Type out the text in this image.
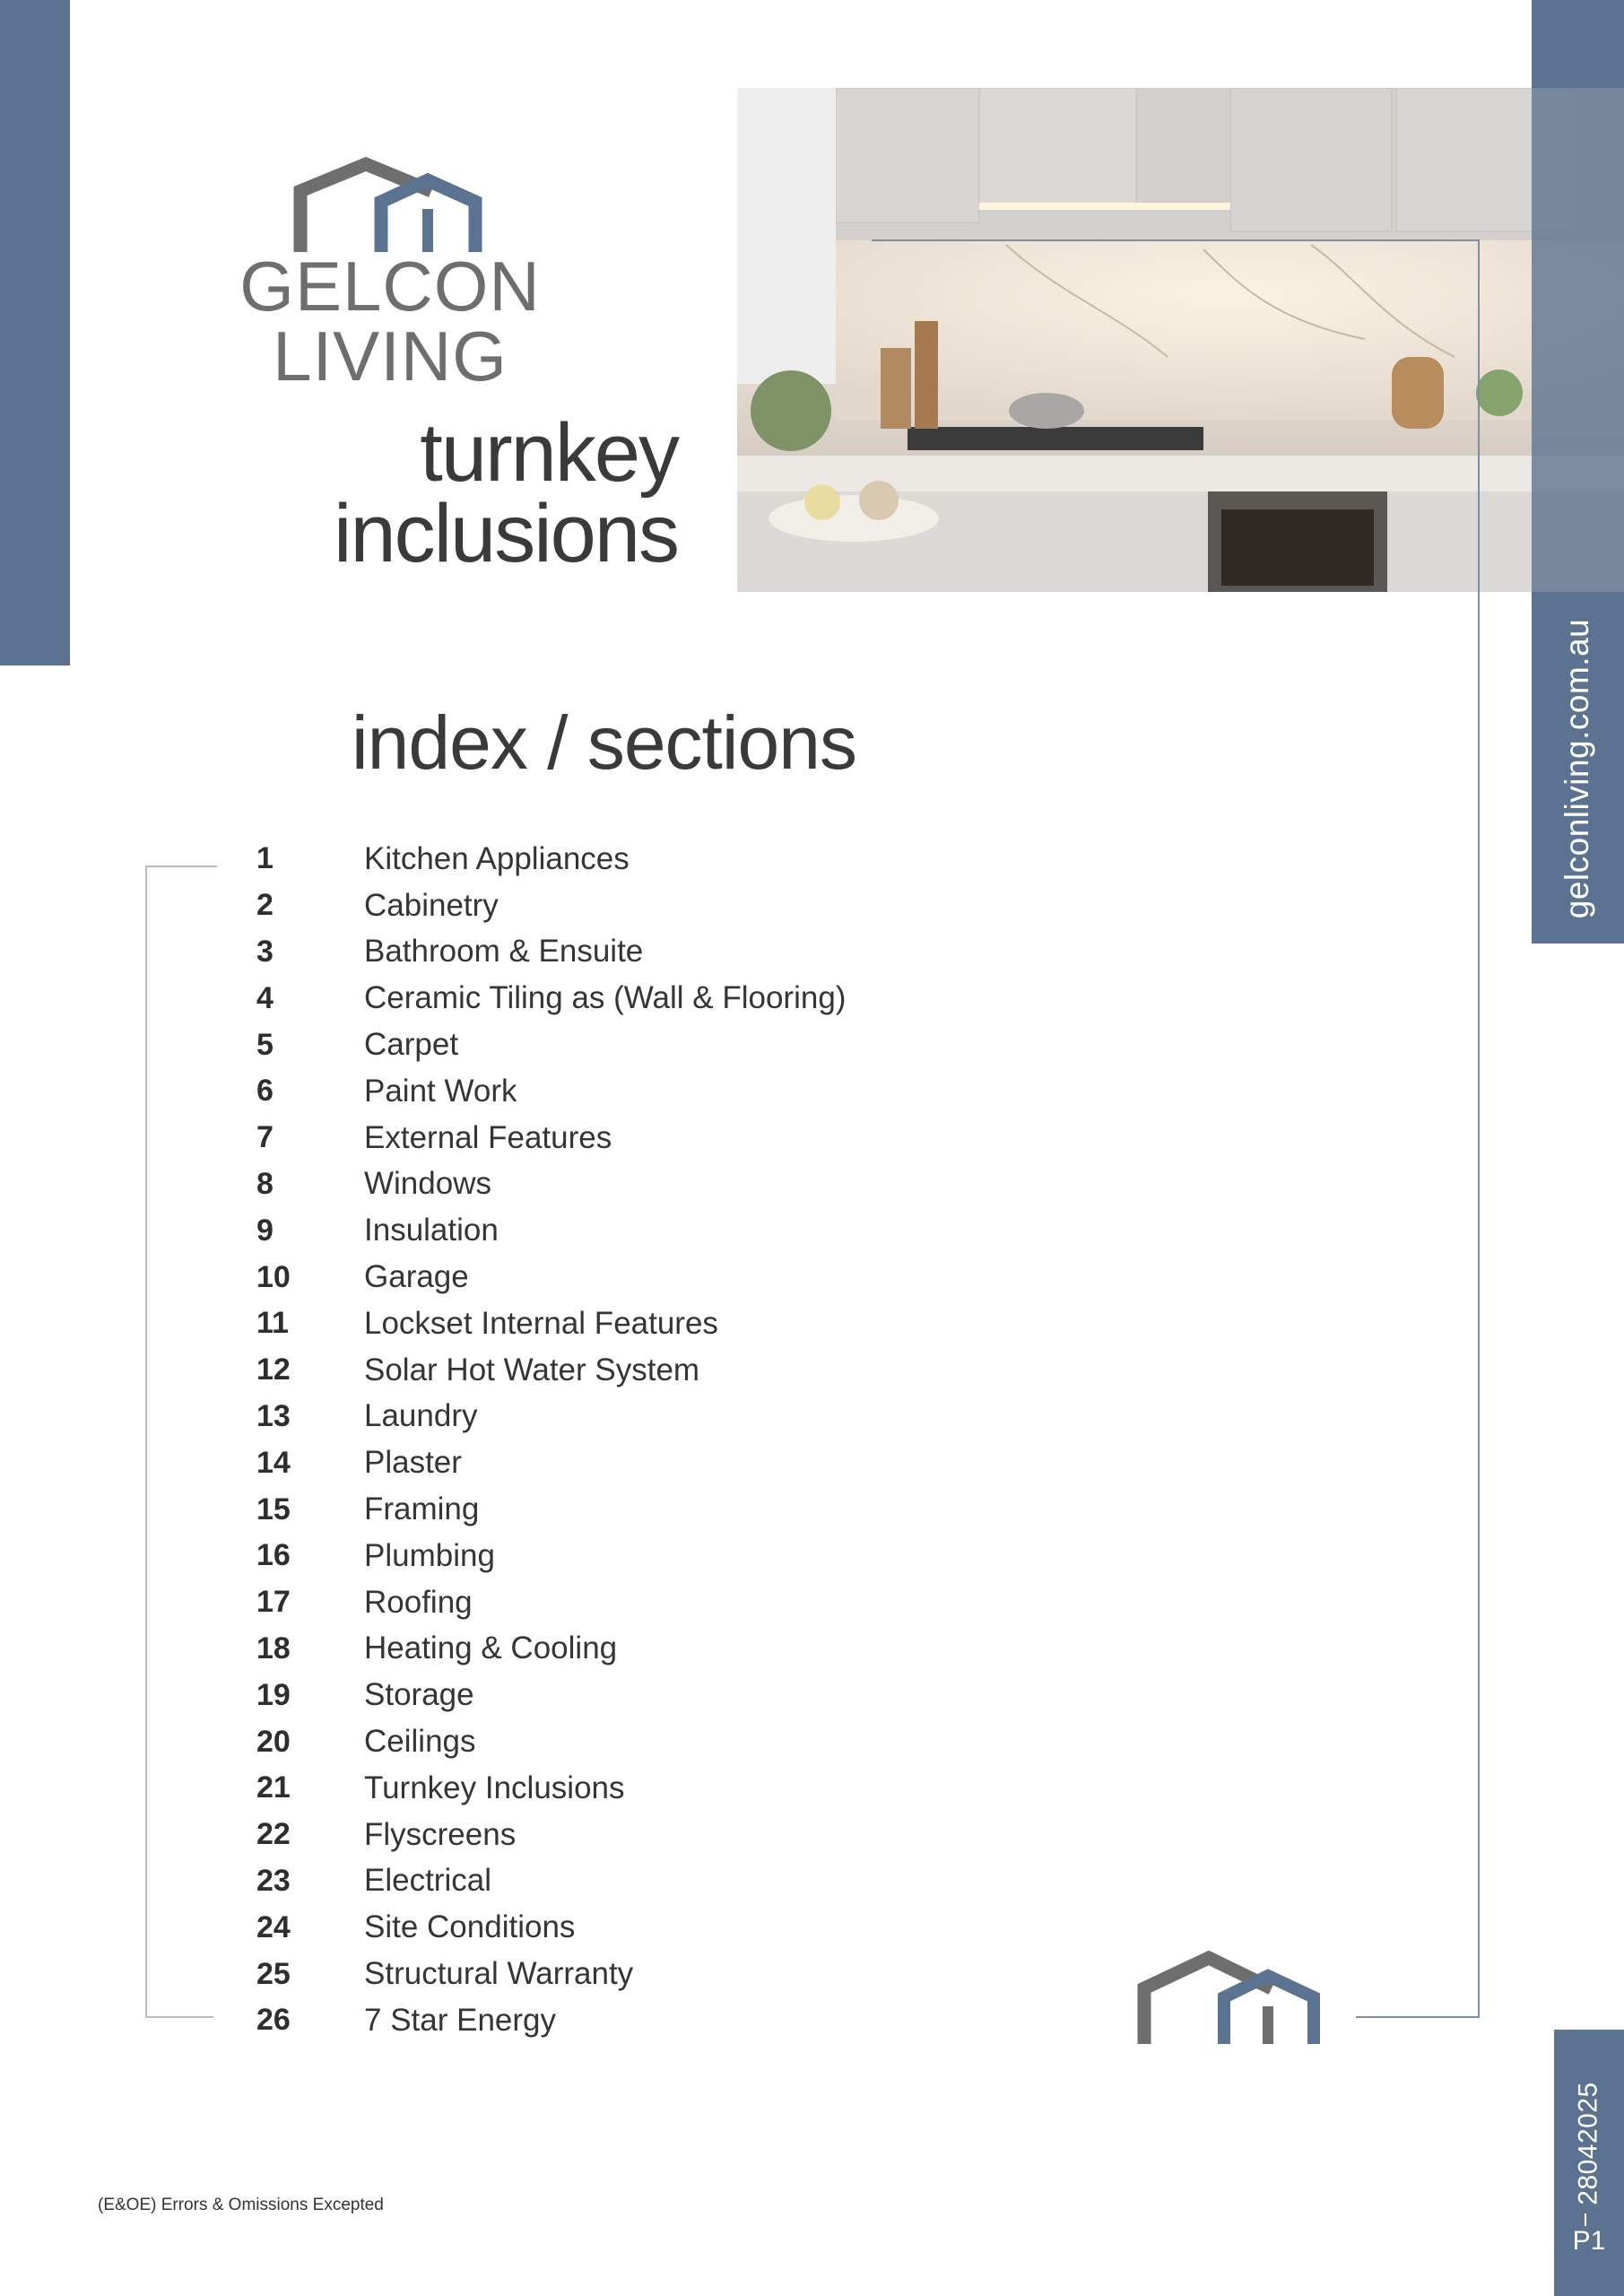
gelconliving.com.au
GELCON LIVING
turnkey
inclusions
index / sections
1	Kitchen Appliances
2	Cabinetry
3	Bathroom & Ensuite
4	Ceramic Tiling as (Wall & Flooring)
5	Carpet
6	Paint Work
7	External Features
8	Windows
9	Insulation
10	Garage
11	Lockset Internal Features
12	Solar Hot Water System
13	Laundry
14	Plaster
15	Framing
16	Plumbing
17	Roofing
18	Heating & Cooling
19	Storage
20	Ceilings
21	Turnkey Inclusions
22	Flyscreens
23	Electrical
24	Site Conditions
25	Structural Warranty
26	7 Star Energy
(E&OE) Errors & Omissions Excepted	28042025
P1
